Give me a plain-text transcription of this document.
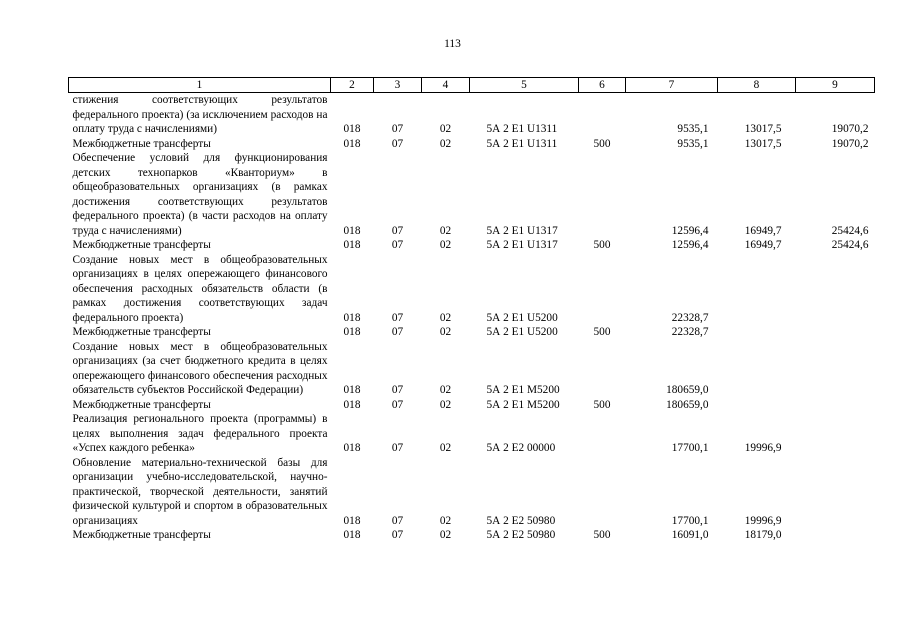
113
1	2	3	4	5	6	7	8	9

стижения соответствующих результатов федерального проекта) (за исключением расходов на оплату труда с начислениями)	018	07	02	5А 2 Е1 U1311		9535,1	13017,5	19070,2

Межбюджетные трансферты	018	07	02	5А 2 Е1 U1311	500	9535,1	13017,5	19070,2

Обеспечение условий для функционирования детских технопарков «Кванториум» в общеобразовательных организациях (в рамках достижения соответствующих результатов федерального проекта) (в части расходов на оплату труда с начислениями)	018	07	02	5А 2 Е1 U1317		12596,4	16949,7	25424,6

Межбюджетные трансферты	018	07	02	5А 2 Е1 U1317	500	12596,4	16949,7	25424,6

Создание новых мест в общеобразовательных организациях в целях опережающего финансового обеспечения расходных обязательств области (в рамках достижения соответствующих задач федерального проекта)	018	07	02	5А 2 Е1 U5200		22328,7		

Межбюджетные трансферты	018	07	02	5А 2 Е1 U5200	500	22328,7		

Создание новых мест в общеобразовательных организациях (за счет бюджетного кредита в целях опережающего финансового обеспечения расходных обязательств субъектов Российской Федерации)	018	07	02	5А 2 Е1 М5200		180659,0		

Межбюджетные трансферты	018	07	02	5А 2 Е1 М5200	500	180659,0		

Реализация регионального проекта (программы) в целях выполнения задач федерального проекта «Успех каждого ребенка»	018	07	02	5А 2 Е2 00000		17700,1	19996,9	

Обновление материально-технической базы для организации учебно-исследовательской, научно-практической, творческой деятельности, занятий физической культурой и спортом в образовательных организациях	018	07	02	5А 2 Е2 50980		17700,1	19996,9	

Межбюджетные трансферты	018	07	02	5А 2 Е2 50980	500	16091,0	18179,0	
